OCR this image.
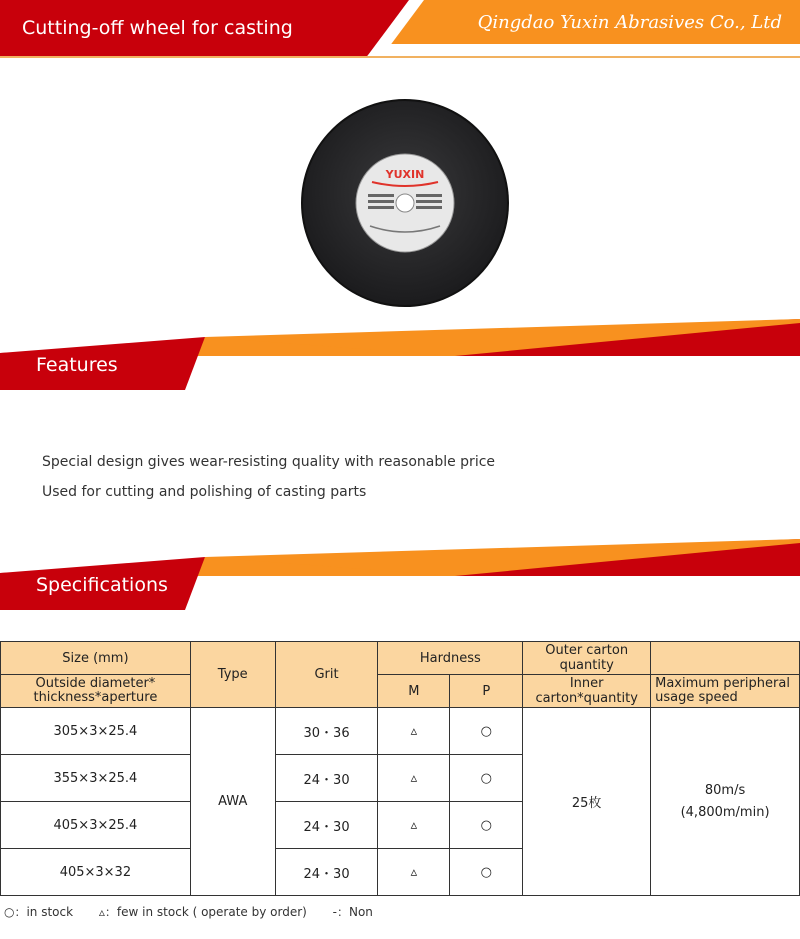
Cutting-off wheel for casting	Qingdao Yuxin Abrasives Co., Ltd
YUXIN
Features
Special design gives wear-resisting quality with reasonable price
Used for cutting and polishing of casting parts
Specifications
Size (mm)	Type	Grit	Hardness		Outer carton quantity	
Outside diameter* thickness*aperture			M	P	Inner carton*quantity	Maximum peripheral usage speed
305×3×25.4	AWA	30・36	▵	○	25枚	80m/s
(4,800m/min)

355×3×25.4		24・30	▵	○		
405×3×25.4		24・30	▵	○		
405×3×32		24・30	▵	○		
○：in stock ▵：few in stock ( operate by order) -：Non
